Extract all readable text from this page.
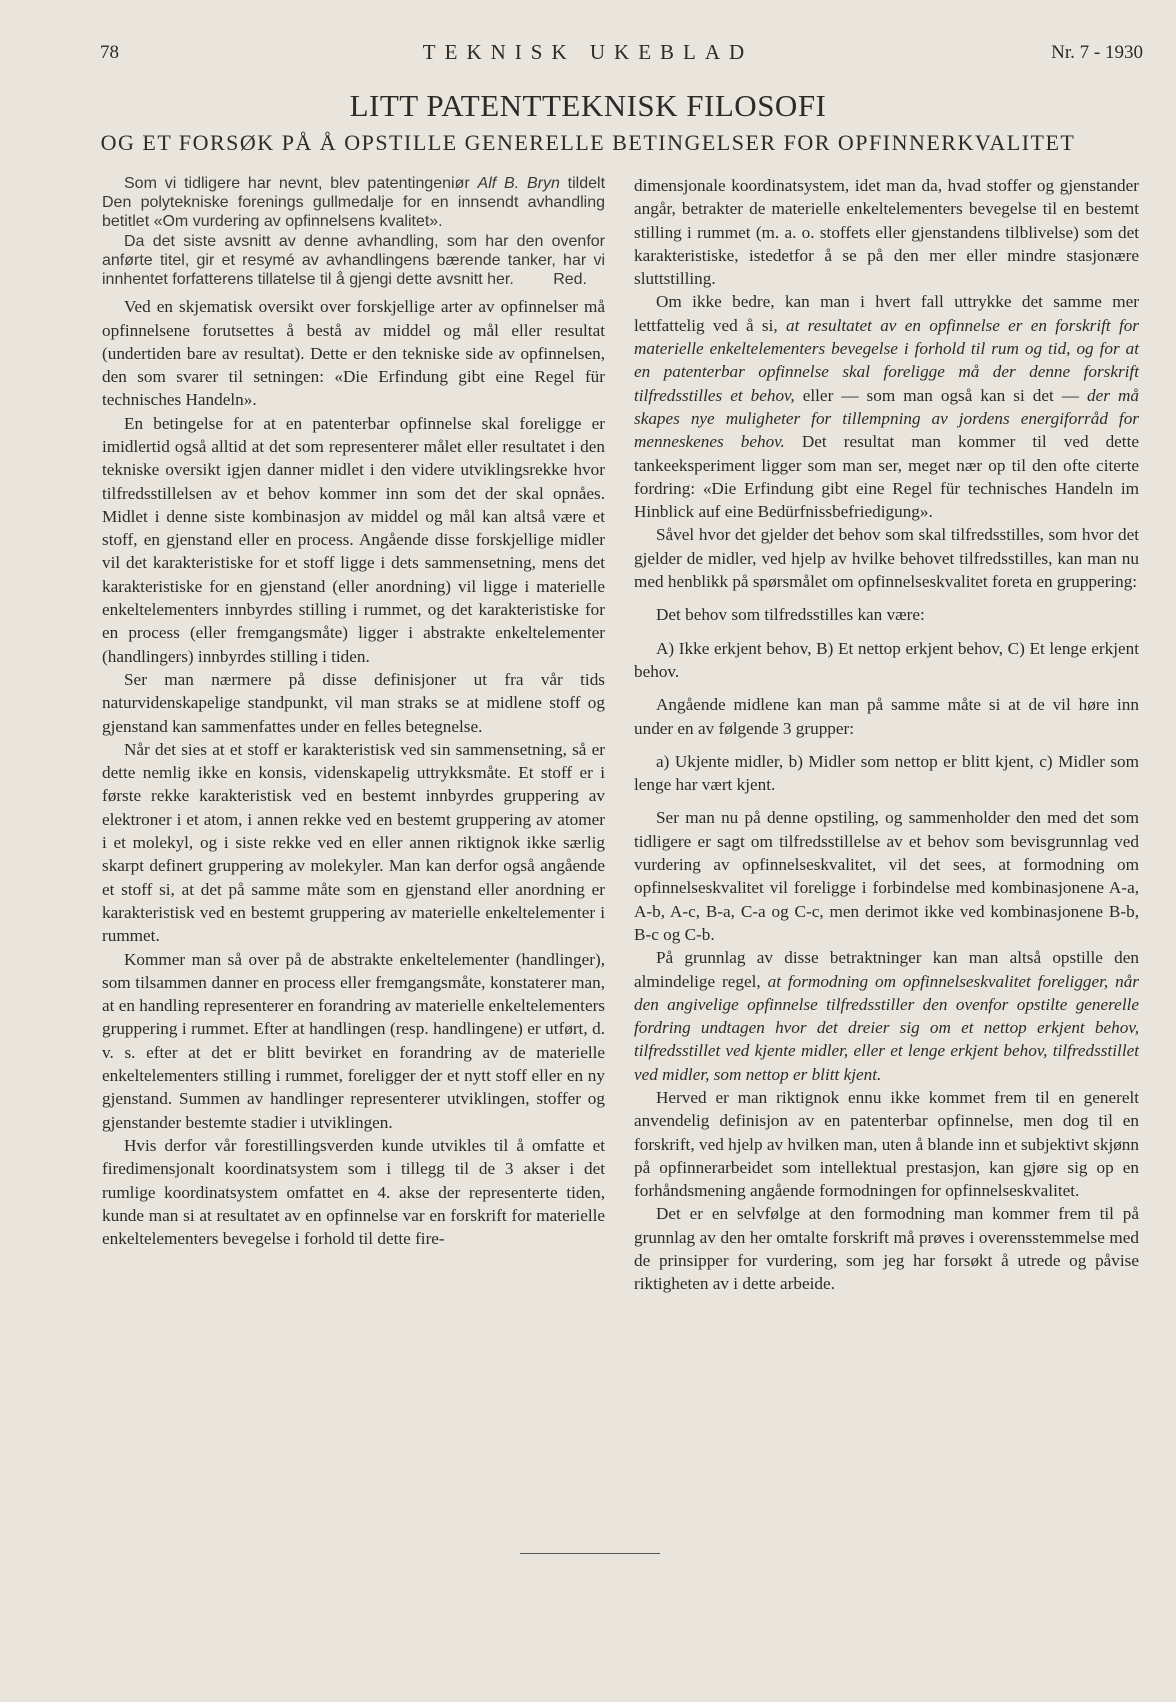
78	TEKNISK UKEBLAD	Nr. 7 - 1930
LITT PATENTTEKNISK FILOSOFI
OG ET FORSØK PÅ Å OPSTILLE GENERELLE BETINGELSER FOR OPFINNERKVALITET

Som vi tidligere har nevnt, blev patentingeniør Alf B. Bryn tildelt Den polytekniske forenings gullmedalje for en innsendt avhandling betitlet «Om vurdering av opfinnelsens kvalitet».

Da det siste avsnitt av denne avhandling, som har den ovenfor anførte titel, gir et resymé av avhandlingens bærende tanker, har vi innhentet forfatterens tillatelse til å gjengi dette avsnitt her.	Red.

Ved en skjematisk oversikt over forskjellige arter av opfinnelser må opfinnelsene forutsettes å bestå av middel og mål eller resultat (undertiden bare av resultat). Dette er den tekniske side av opfinnelsen, den som svarer til setningen: «Die Erfindung gibt eine Regel für technisches Handeln».

En betingelse for at en patenterbar opfinnelse skal foreligge er imidlertid også alltid at det som representerer målet eller resultatet i den tekniske oversikt igjen danner midlet i den videre utviklingsrekke hvor tilfredsstillelsen av et behov kommer inn som det der skal opnåes. Midlet i denne siste kombinasjon av middel og mål kan altså være et stoff, en gjenstand eller en process. Angående disse forskjellige midler vil det karakteristiske for et stoff ligge i dets sammensetning, mens det karakteristiske for en gjenstand (eller anordning) vil ligge i materielle enkeltelementers innbyrdes stilling i rummet, og det karakteristiske for en process (eller fremgangsmåte) ligger i abstrakte enkeltelementer (handlingers) innbyrdes stilling i tiden.

Ser man nærmere på disse definisjoner ut fra vår tids naturvidenskapelige standpunkt, vil man straks se at midlene stoff og gjenstand kan sammenfattes under en felles betegnelse.

Når det sies at et stoff er karakteristisk ved sin sammensetning, så er dette nemlig ikke en konsis, videnskapelig uttrykksmåte. Et stoff er i første rekke karakteristisk ved en bestemt innbyrdes gruppering av elektroner i et atom, i annen rekke ved en bestemt gruppering av atomer i et molekyl, og i siste rekke ved en eller annen riktignok ikke særlig skarpt definert gruppering av molekyler. Man kan derfor også angående et stoff si, at det på samme måte som en gjenstand eller anordning er karakteristisk ved en bestemt gruppering av materielle enkeltelementer i rummet.

Kommer man så over på de abstrakte enkeltelementer (handlinger), som tilsammen danner en process eller fremgangsmåte, konstaterer man, at en handling representerer en forandring av materielle enkeltelementers gruppering i rummet. Efter at handlingen (resp. handlingene) er utført, d. v. s. efter at det er blitt bevirket en forandring av de materielle enkeltelementers stilling i rummet, foreligger der et nytt stoff eller en ny gjenstand. Summen av handlinger representerer utviklingen, stoffer og gjenstander bestemte stadier i utviklingen.

Hvis derfor vår forestillingsverden kunde utvikles til å omfatte et firedimensjonalt koordinatsystem som i tillegg til de 3 akser i det rumlige koordinatsystem omfattet en 4. akse der representerte tiden, kunde man si at resultatet av en opfinnelse var en forskrift for materielle enkeltelementers bevegelse i forhold til dette fire-

dimensjonale koordinatsystem, idet man da, hvad stoffer og gjenstander angår, betrakter de materielle enkeltelementers bevegelse til en bestemt stilling i rummet (m. a. o. stoffets eller gjenstandens tilblivelse) som det karakteristiske, istedetfor å se på den mer eller mindre stasjonære sluttstilling.

Om ikke bedre, kan man i hvert fall uttrykke det samme mer lettfattelig ved å si, at resultatet av en opfinnelse er en forskrift for materielle enkeltelementers bevegelse i forhold til rum og tid, og for at en patenterbar opfinnelse skal foreligge må der denne forskrift tilfredsstilles et behov, eller — som man også kan si det — der må skapes nye muligheter for tillempning av jordens energiforråd for menneskenes behov. Det resultat man kommer til ved dette tankeeksperiment ligger som man ser, meget nær op til den ofte citerte fordring: «Die Erfindung gibt eine Regel für technisches Handeln im Hinblick auf eine Bedürfnissbefriedigung».

Såvel hvor det gjelder det behov som skal tilfredsstilles, som hvor det gjelder de midler, ved hjelp av hvilke behovet tilfredsstilles, kan man nu med henblikk på spørsmålet om opfinnelseskvalitet foreta en gruppering:

Det behov som tilfredsstilles kan være:

A) Ikke erkjent behov, B) Et nettop erkjent behov, C) Et lenge erkjent behov.

Angående midlene kan man på samme måte si at de vil høre inn under en av følgende 3 grupper:

a) Ukjente midler, b) Midler som nettop er blitt kjent, c) Midler som lenge har vært kjent.

Ser man nu på denne opstiling, og sammenholder den med det som tidligere er sagt om tilfredsstillelse av et behov som bevisgrunnlag ved vurdering av opfinnelseskvalitet, vil det sees, at formodning om opfinnelseskvalitet vil foreligge i forbindelse med kombinasjonene A-a, A-b, A-c, B-a, C-a og C-c, men derimot ikke ved kombinasjonene B-b, B-c og C-b.

På grunnlag av disse betraktninger kan man altså opstille den almindelige regel, at formodning om opfinnelseskvalitet foreligger, når den angivelige opfinnelse tilfredsstiller den ovenfor opstilte generelle fordring undtagen hvor det dreier sig om et nettop erkjent behov, tilfredsstillet ved kjente midler, eller et lenge erkjent behov, tilfredsstillet ved midler, som nettop er blitt kjent.

Herved er man riktignok ennu ikke kommet frem til en generelt anvendelig definisjon av en patenterbar opfinnelse, men dog til en forskrift, ved hjelp av hvilken man, uten å blande inn et subjektivt skjønn på opfinnerarbeidet som intellektual prestasjon, kan gjøre sig op en forhåndsmening angående formodningen for opfinnelseskvalitet.

Det er en selvfølge at den formodning man kommer frem til på grunnlag av den her omtalte forskrift må prøves i overensstemmelse med de prinsipper for vurdering, som jeg har forsøkt å utrede og påvise riktigheten av i dette arbeide.
